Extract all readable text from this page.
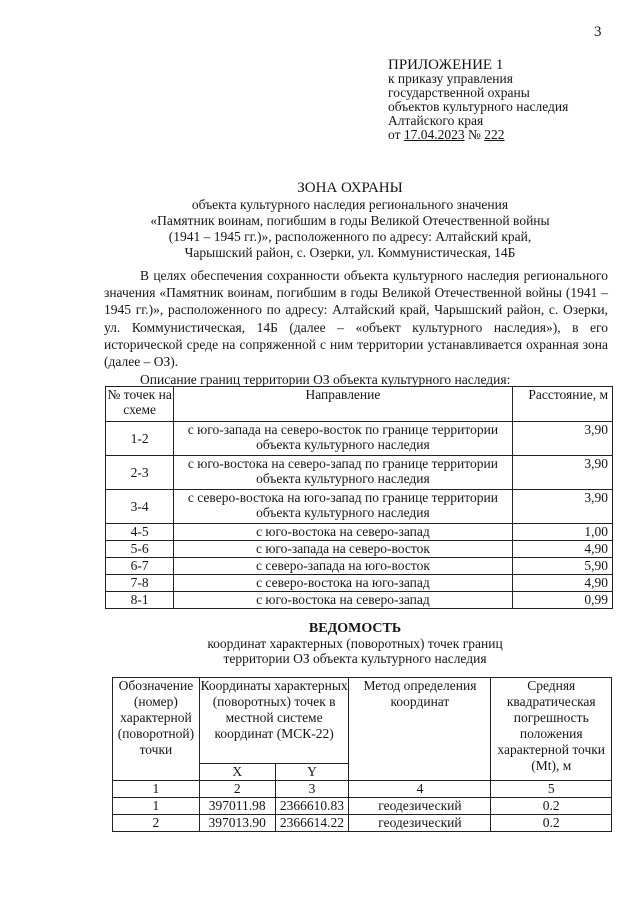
3
ПРИЛОЖЕНИЕ 1
к приказу управления
государственной охраны
объектов культурного наследия
Алтайского края
от 17.04.2023 № 222
ЗОНА ОХРАНЫ
объекта культурного наследия регионального значения
«Памятник воинам, погибшим в годы Великой Отечественной войны
(1941 – 1945 гг.)», расположенного по адресу: Алтайский край,
Чарышский район, с. Озерки, ул. Коммунистическая, 14Б

В целях обеспечения сохранности объекта культурного наследия регионального значения «Памятник воинам, погибшим в годы Великой Отечественной войны (1941 – 1945 гг.)», расположенного по адресу: Алтайский край, Чарышский район, с. Озерки, ул. Коммунистическая, 14Б (далее – «объект культурного наследия»), в его исторической среде на сопряженной с ним территории устанавливается охранная зона (далее – ОЗ).

Описание границ территории ОЗ объекта культурного наследия:
№ точек на схеме	Направление	Расстояние, м
1-2	с юго-запада на северо-восток по границе территории объекта культурного наследия	3,90
2-3	с юго-востока на северо-запад по границе территории объекта культурного наследия	3,90
3-4	с северо-востока на юго-запад по границе территории объекта культурного наследия	3,90
4-5	с юго-востока на северо-запад	1,00
5-6	с юго-запада на северо-восток	4,90
6-7	с северо-запада на юго-восток	5,90
7-8	с северо-востока на юго-запад	4,90
8-1	с юго-востока на северо-запад	0,99
ВЕДОМОСТЬ
координат характерных (поворотных) точек границ
территории ОЗ объекта культурного наследия
Обозначение (номер) характерной (поворотной) точки	Координаты характерных (поворотных) точек в местной системе координат (МСК-22)		Метод определения координат	Средняя квадратическая погрешность положения характерной точки (Mt), м
	X	Y		
1	2	3	4	5
1	397011.98	2366610.83	геодезический	0.2
2	397013.90	2366614.22	геодезический	0.2
